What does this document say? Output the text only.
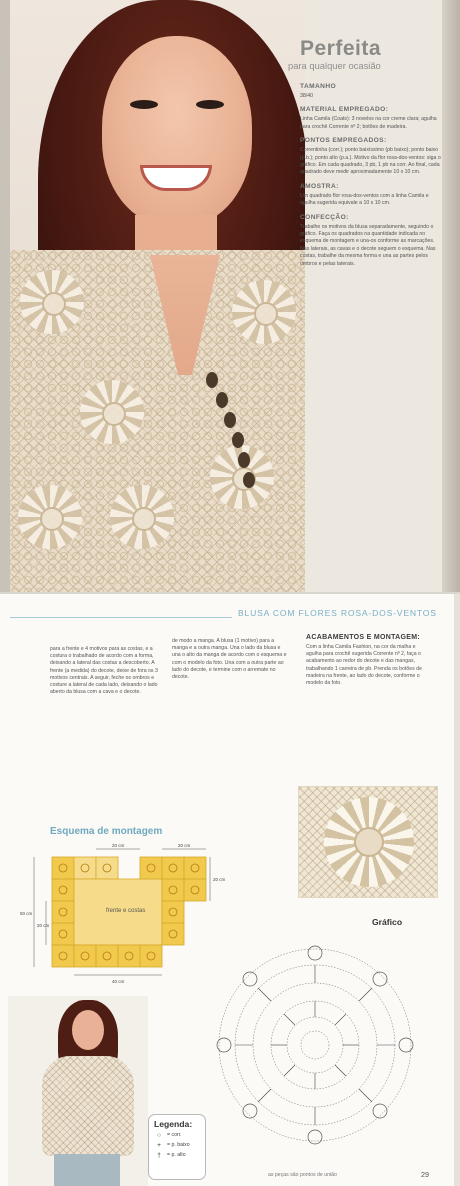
Perfeita
para qualquer ocasião
TAMANHO
38/40
MATERIAL EMPREGADO:
Linha Camila (Coats): 3 novelos na cor creme clara; agulha para crochê Corrente nº 2; botões de madeira.
PONTOS EMPREGADOS:
Correntinha (corr.); ponto baixíssimo (pb baixo); ponto baixo (p.b.); ponto alto (p.a.). Motivo da flor rosa-dos-ventos: siga o gráfico. Em cada quadrado, 3 pb, 1 pb na corr. Ao final, cada quadrado deve medir aproximadamente 10 x 10 cm.
AMOSTRA:
Um quadrado flor rosa-dos-ventos com a linha Camila e agulha sugerida equivale a 10 x 10 cm.
CONFECÇÃO:
Trabalhe os motivos da blusa separadamente, seguindo o gráfico. Faça os quadrados na quantidade indicada no esquema de montagem e una-os conforme as marcações. Nas laterais, as cavas e o decote seguem o esquema. Nas costas, trabalhe da mesma forma e una as partes pelos ombros e pelas laterais.
BLUSA COM FLORES ROSA-DOS-VENTOS
para a frente e 4 motivos para as costas, e a costura o trabalhado de acordo com a forma, deixando a lateral das costas a descoberto. A frente (a medida) do decote, deixe de fora os 3 motivos centrais. A seguir, feche os ombros e costure a lateral de cada lado, deixando o lado aberto da blusa com a cava e o decote.
de modo a manga. A blusa (1 motivo) para a manga e a outra manga. Una o lado da blusa e una o alto da manga de acordo com o esquema e com o modelo da foto. Una com a outra parte ao lado do decote, e termine com o arremate no decote.
ACABAMENTOS E MONTAGEM:
Com a linha Camila Fashion, na cor da malha e agulha para crochê sugerida Corrente nº 2, faça o acabamento ao redor do decote e das mangas, trabalhando 1 carreira de pb. Prenda os botões de madeira na frente, ao lado do decote, conforme o modelo da foto.
Esquema de montagem
frente e costas
20 cm	20 cm
20 cm
50 cm
20 cm
40 cm
Gráfico
Legenda:
○	= corr.
+	= p. baixo
†	= p. alto
as peças são pontos de união	29
